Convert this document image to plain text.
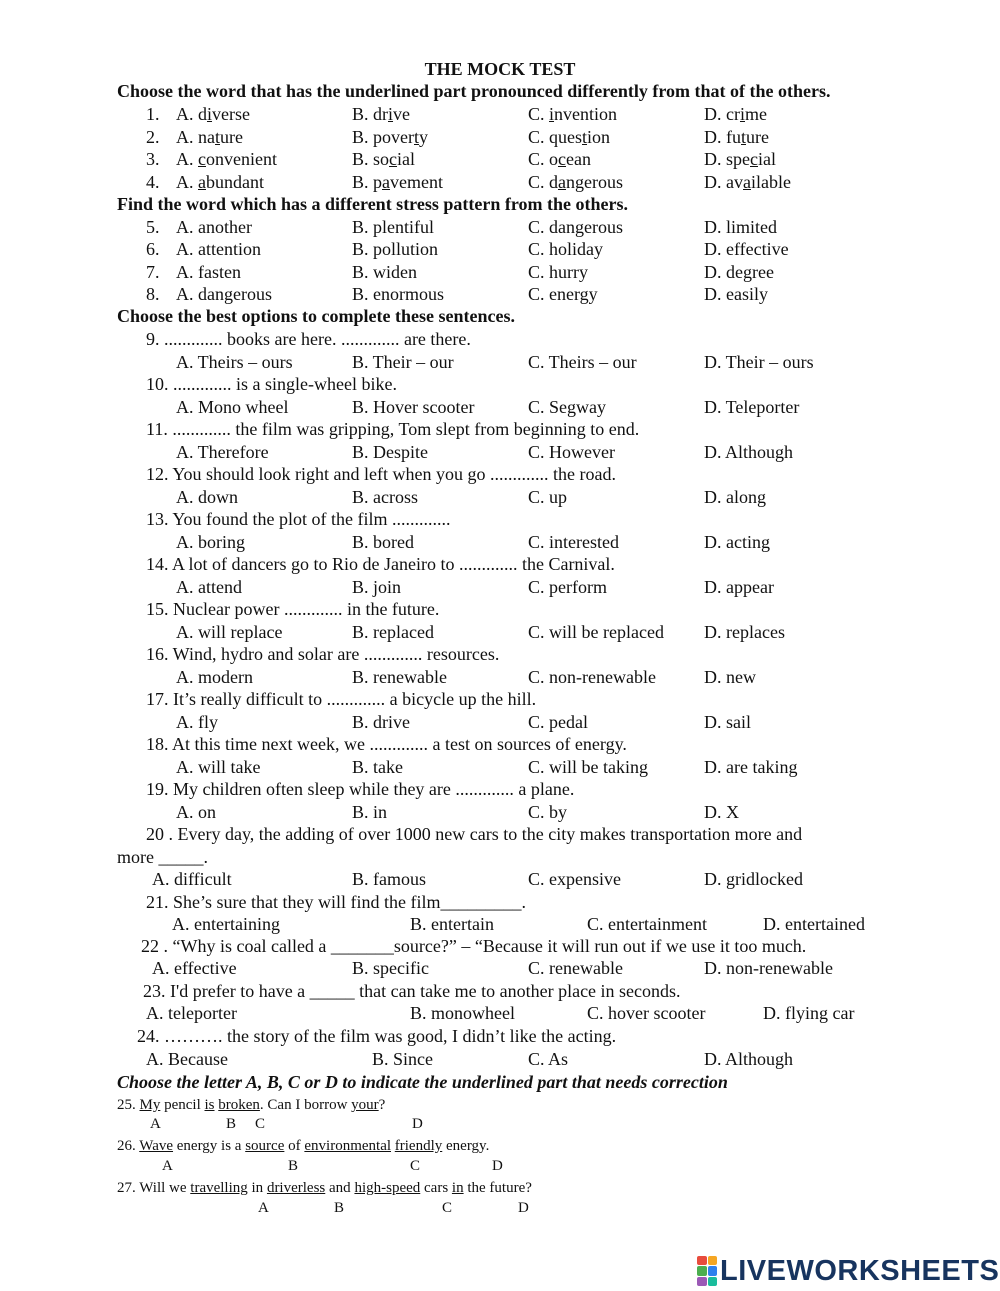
THE MOCK TEST
Choose the word that has the underlined part pronounced differently from that of the others.
1. A. diverse	B. drive	C. invention	D. crime
2. A. nature	B. poverty	C. question	D. future
3. A. convenient	B. social	C. ocean	D. special
4. A. abundant	B. pavement	C. dangerous	D. available
Find the word which has a different stress pattern from the others.
5. A. another	B. plentiful	C. dangerous	D. limited
6. A. attention	B. pollution	C. holiday	D. effective
7. A. fasten	B. widen	C. hurry	D. degree
8. A. dangerous	B. enormous	C. energy	D. easily
Choose the best options to complete these sentences.
9. ............. books are here. ............. are there.
A. Theirs – ours	B. Their – our	C. Theirs – our	D. Their – ours
10. ............. is a single-wheel bike.
A. Mono wheel	B. Hover scooter	C. Segway	D. Teleporter
11. ............. the film was gripping, Tom slept from beginning to end.
A. Therefore	B. Despite	C. However	D. Although
12. You should look right and left when you go ............. the road.
A. down	B. across	C. up	D. along
13. You found the plot of the film .............
A. boring	B. bored	C. interested	D. acting
14. A lot of dancers go to Rio de Janeiro to ............. the Carnival.
A. attend	B. join	C. perform	D. appear
15. Nuclear power ............. in the future.
A. will replace	B. replaced	C. will be replaced D. replaces
16. Wind, hydro and solar are ............. resources.
A. modern	B. renewable	C. non-renewable	D. new
17. It’s really difficult to ............. a bicycle up the hill.
A. fly	B. drive	C. pedal	D. sail
18. At this time next week, we ............. a test on sources of energy.
A. will take	B. take	C. will be taking	D. are taking
19. My children often sleep while they are ............. a plane.
A. on	B. in	C. by	D. X
20 . Every day, the adding of over 1000 new cars to the city makes transportation more and
more _____.
A. difficult	B. famous	C. expensive	D. gridlocked
21. She’s sure that they will find the film_________.
A. entertaining	B. entertain	C. entertainment	D. entertained
22 . “Why is coal called a _______source?” – “Because it will run out if we use it too much.
A. effective	B. specific	C. renewable	D. non-renewable
23. I'd prefer to have a _____ that can take me to another place in seconds.
A. teleporter	B. monowheel	C. hover scooter	D. flying car
24. ………. the story of the film was good, I didn’t like the acting.
A. Because	B. Since	C. As	D. Although
Choose the letter A, B, C or D to indicate the underlined part that needs correction
25. My pencil is broken. Can I borrow your?
A	B C	D
26. Wave energy is a source of environmental friendly energy.
A	B	C	D
27. Will we travelling in driverless and high-speed cars in the future?
A	B	C	D
LIVEWORKSHEETS
